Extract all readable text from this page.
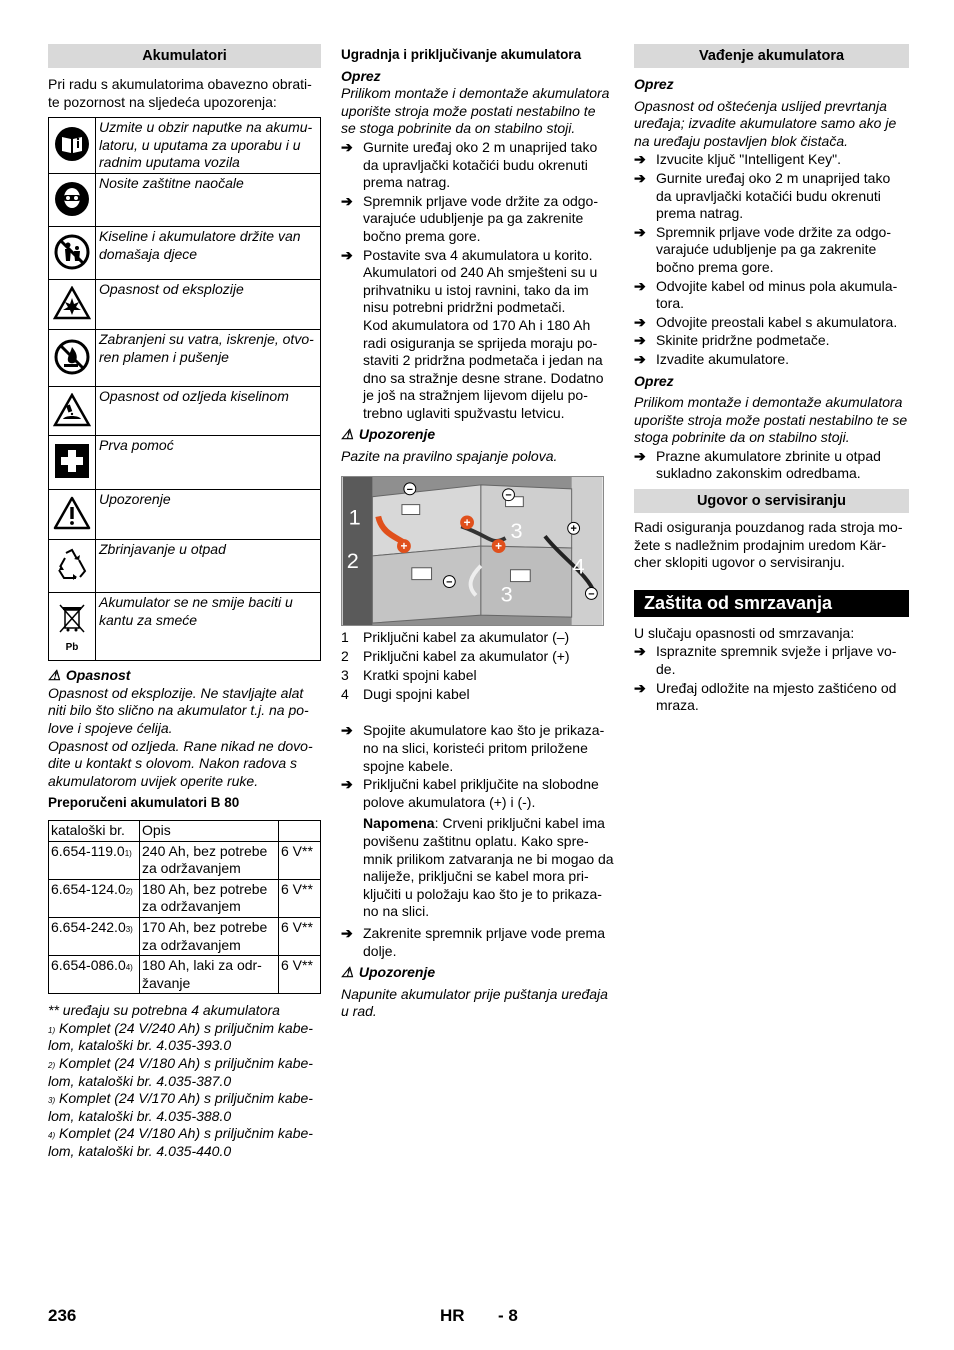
Akumulatori

Pri radu s akumulatorima obavezno obrati-te pozornost na sljedeća upozorenja:

	Uzmite u obzir naputke na akumu-latoru, u uputama za uporabu i u radnim uputama vozila
	Nosite zaštitne naočale
	Kiseline i akumulatore držite van domašaja djece
	Opasnost od eksplozije
	Zabranjeni su vatra, iskrenje, otvo-ren plamen i pušenje
	Opasnost od ozljeda kiselinom
	Prva pomoć
	Upozorenje
	Zbrinjavanje u otpad

Pb	Akumulator se ne smije baciti u kantu za smeće

⚠ Opasnost

Opasnost od eksplozije. Ne stavljajte alat niti bilo što slično na akumulator t.j. na po-love i spojeve ćelija.

Opasnost od ozljeda. Rane nikad ne dovo-dite u kontakt s olovom. Nakon radova s akumulatorom uvijek operite ruke.

Preporučeni akumulatori B 80

kataloški br.	Opis	
6.654-119.0$^{1)}$	240 Ah, bez potrebe za održavanjem	6 V**
6.654-124.0$^{2)}$	180 Ah, bez potrebe za održavanjem	6 V**
6.654-242.0$^{3)}$	170 Ah, bez potrebe za održavanjem	6 V**
6.654-086.0$^{4)}$	180 Ah, laki za odr-žavanje	6 V**

** uređaju su potrebna 4 akumulatora

$^{1)}$ Komplet (24 V/240 Ah) s priljučnim kabe-lom, kataloški br. 4.035-393.0

$^{2)}$ Komplet (24 V/180 Ah) s priljučnim kabe-lom, kataloški br. 4.035-387.0

$^{3)}$ Komplet (24 V/170 Ah) s priljučnim kabe-lom, kataloški br. 4.035-388.0

$^{4)}$ Komplet (24 V/180 Ah) s priljučnim kabe-lom, kataloški br. 4.035-440.0

Ugradnja i priključivanje akumulatora

Oprez

Prilikom montaže i demontaže akumulatora uporište stroja može postati nestabilno te se stoga pobrinite da on stabilno stoji.

➔ Gurnite uređaj oko 2 m unaprijed tako da upravljački kotačići budu okrenuti prema natrag.
➔ Spremnik prljave vode držite za odgo-varajuće udubljenje pa ga zakrenite bočno prema gore.
➔ Postavite sva 4 akumulatora u korito.

Akumulatori od 240 Ah smješteni su u prihvatniku u istoj ravnini, tako da im nisu potrebni pridržni podmetači.

Kod akumulatora od 170 Ah i 180 Ah radi osiguranja se sprijeda moraju po-staviti 2 pridržna podmetača i jedan na dno sa stražnje desne strane. Dodatno je još na stražnjem lijevom dijelu po-trebno uglaviti spužvastu letvicu.

⚠ Upozorenje

Pazite na pravilno spajanje polova.

−
+
−
+
+	+
−
−
1
2
3
4
3
1 Priključni kabel za akumulator (–)
2 Priključni kabel za akumulator (+)
3 Kratki spojni kabel
4 Dugi spojni kabel
➔ Spojite akumulatore kao što je prikaza-no na slici, koristeći pritom priložene spojne kabele.
➔ Priključni kabel priključite na slobodne polove akumulatora (+) i (-).

Napomena: Crveni priključni kabel ima povišenu zaštitnu oplatu. Kako spre-mnik prilikom zatvaranja ne bi mogao da naliježe, priključni se kabel mora pri-ključiti u položaju kao što je to prikaza-no na slici.

➔ Zakrenite spremnik prljave vode prema dolje.

⚠ Upozorenje

Napunite akumulator prije puštanja uređaja u rad.

Vađenje akumulatora

Oprez

Opasnost od oštećenja uslijed prevrtanja uređaja; izvadite akumulatore samo ako je na uređaju postavljen blok čistača.

➔ Izvucite ključ "Intelligent Key".
➔ Gurnite uređaj oko 2 m unaprijed tako da upravljački kotačići budu okrenuti prema natrag.
➔ Spremnik prljave vode držite za odgo-varajuće udubljenje pa ga zakrenite bočno prema gore.
➔ Odvojite kabel od minus pola akumula-tora.
➔ Odvojite preostali kabel s akumulatora.
➔ Skinite pridržne podmetače.
➔ Izvadite akumulatore.

Oprez

Prilikom montaže i demontaže akumulatora uporište stroja može postati nestabilno te se stoga pobrinite da on stabilno stoji.

➔ Prazne akumulatore zbrinite u otpad sukladno zakonskim odredbama.
Ugovor o servisiranju

Radi osiguranja pouzdanog rada stroja mo-žete s nadležnim prodajnim uredom Kär-cher sklopiti ugovor o servisiranju.

Zaštita od smrzavanja

U slučaju opasnosti od smrzavanja:

➔ Ispraznite spremnik svježe i prljave vo-de.
➔ Uređaj odložite na mjesto zaštićeno od mraza.
236	HR - 8
